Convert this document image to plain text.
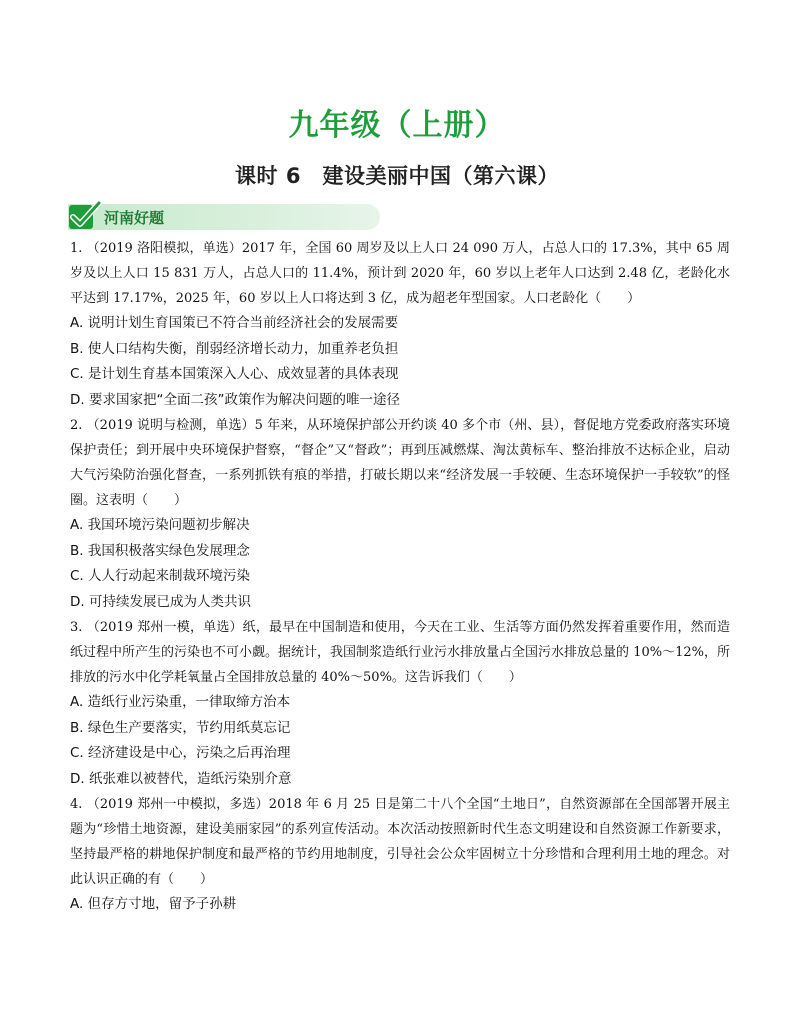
九年级（上册）
课时 6　建设美丽中国（第六课）
河南好题

1. （2019 洛阳模拟，单选）2017 年，全国 60 周岁及以上人口 24 090 万人，占总人口的 17.3%，其中 65 周岁及以上人口 15 831 万人，占总人口的 11.4%，预计到 2020 年，60 岁以上老年人口达到 2.48 亿，老龄化水平达到 17.17%，2025 年，60 岁以上人口将达到 3 亿，成为超老年型国家。人口老龄化（　　）

A. 说明计划生育国策已不符合当前经济社会的发展需要

B. 使人口结构失衡，削弱经济增长动力，加重养老负担

C. 是计划生育基本国策深入人心、成效显著的具体表现

D. 要求国家把“全面二孩”政策作为解决问题的唯一途径

2. （2019 说明与检测，单选）5 年来，从环境保护部公开约谈 40 多个市（州、县），督促地方党委政府落实环境保护责任；到开展中央环境保护督察，“督企”又“督政”；再到压减燃煤、淘汰黄标车、整治排放不达标企业，启动大气污染防治强化督查，一系列抓铁有痕的举措，打破长期以来“经济发展一手较硬、生态环境保护一手较软”的怪圈。这表明（　　）

A. 我国环境污染问题初步解决

B. 我国积极落实绿色发展理念

C. 人人行动起来制裁环境污染

D. 可持续发展已成为人类共识

3. （2019 郑州一模，单选）纸，最早在中国制造和使用，今天在工业、生活等方面仍然发挥着重要作用，然而造纸过程中所产生的污染也不可小觑。据统计，我国制浆造纸行业污水排放量占全国污水排放总量的 10%～12%，所排放的污水中化学耗氧量占全国排放总量的 40%～50%。这告诉我们（　　）

A. 造纸行业污染重，一律取缔方治本

B. 绿色生产要落实，节约用纸莫忘记

C. 经济建设是中心，污染之后再治理

D. 纸张难以被替代，造纸污染别介意

4. （2019 郑州一中模拟，多选）2018 年 6 月 25 日是第二十八个全国“土地日”，自然资源部在全国部署开展主题为“珍惜土地资源，建设美丽家园”的系列宣传活动。本次活动按照新时代生态文明建设和自然资源工作新要求，坚持最严格的耕地保护制度和最严格的节约用地制度，引导社会公众牢固树立十分珍惜和合理利用土地的理念。对此认识正确的有（　　）

A. 但存方寸地，留予子孙耕
